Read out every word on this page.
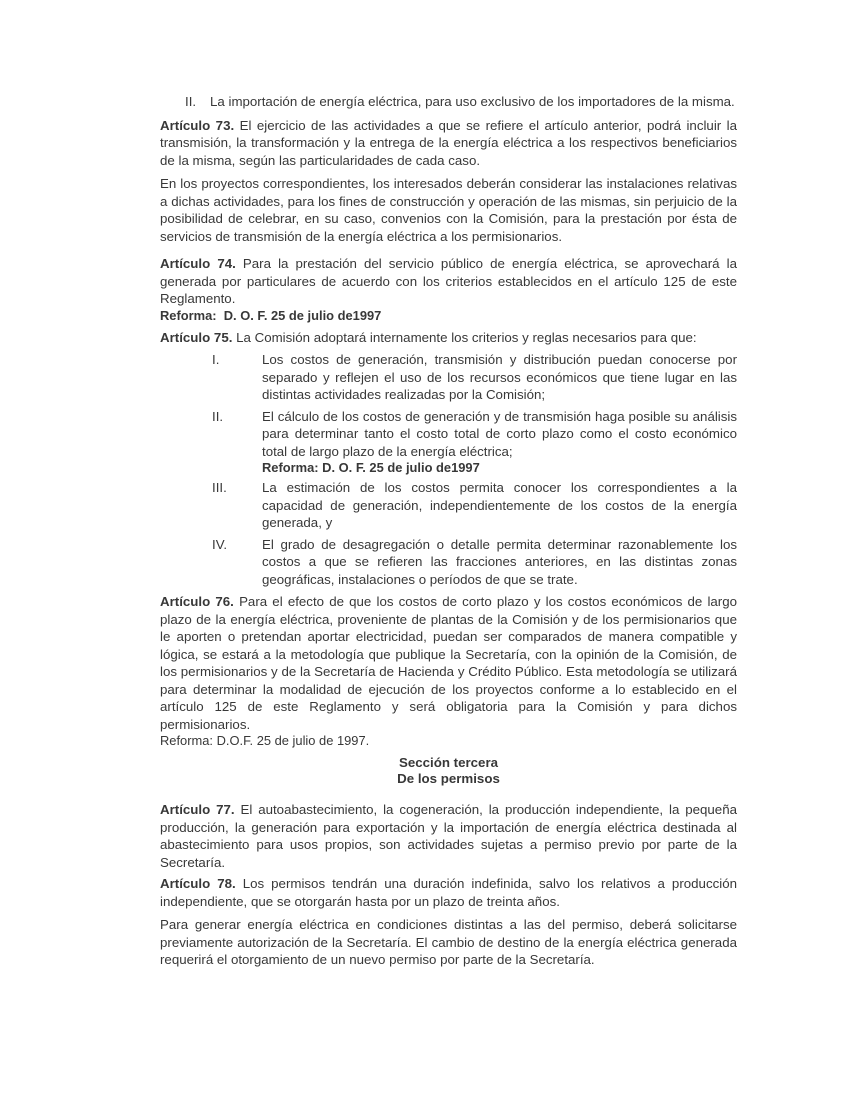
II.	La importación de energía eléctrica, para uso exclusivo de los importadores de la misma.

Artículo 73. El ejercicio de las actividades a que se refiere el artículo anterior, podrá incluir la transmisión, la transformación y la entrega de la energía eléctrica a los respectivos beneficiarios de la misma, según las particularidades de cada caso.

En los proyectos correspondientes, los interesados deberán considerar las instalaciones relativas a dichas actividades, para los fines de construcción y operación de las mismas, sin perjuicio de la posibilidad de celebrar, en su caso, convenios con la Comisión, para la prestación por ésta de servicios de transmisión de la energía eléctrica a los permisionarios.

Artículo 74. Para la prestación del servicio público de energía eléctrica, se aprovechará la generada por particulares de acuerdo con los criterios establecidos en el artículo 125 de este Reglamento.

Reforma:  D. O. F. 25 de julio de1997

Artículo 75. La Comisión adoptará internamente los criterios y reglas necesarios para que:

I.	Los costos de generación, transmisión y distribución puedan conocerse por separado y reflejen el uso de los recursos económicos que tiene lugar en las distintas actividades realizadas por la Comisión;
II.	El cálculo de los costos de generación y de transmisión haga posible su análisis para determinar tanto el costo total de corto plazo como el costo económico total de largo plazo de la energía eléctrica;
Reforma: D. O. F. 25 de julio de1997
III.	La estimación de los costos permita conocer los correspondientes a la capacidad de generación, independientemente de los costos de la energía generada, y
IV.	El grado de desagregación o detalle permita determinar razonablemente los costos a que se refieren las fracciones anteriores, en las distintas zonas geográficas, instalaciones o períodos de que se trate.

Artículo 76. Para el efecto de que los costos de corto plazo y los costos económicos de largo plazo de la energía eléctrica, proveniente de plantas de la Comisión y de los permisionarios que le aporten o pretendan aportar electricidad, puedan ser comparados de manera compatible y lógica, se estará a la metodología que publique la Secretaría, con la opinión de la Comisión, de los permisionarios y de la Secretaría de Hacienda y Crédito Público. Esta metodología se utilizará para determinar la modalidad de ejecución de los proyectos conforme a lo establecido en el artículo 125 de este Reglamento y será obligatoria para la Comisión y para dichos permisionarios.

Reforma: D.O.F. 25 de julio de 1997.
Sección tercera
De los permisos

Artículo 77. El autoabastecimiento, la cogeneración, la producción independiente, la pequeña producción, la generación para exportación y la importación de energía eléctrica destinada al abastecimiento para usos propios, son actividades sujetas a permiso previo por parte de la Secretaría.

Artículo 78. Los permisos tendrán una duración indefinida, salvo los relativos a producción independiente, que se otorgarán hasta por un plazo de treinta años.

Para generar energía eléctrica en condiciones distintas a las del permiso, deberá solicitarse previamente autorización de la Secretaría. El cambio de destino de la energía eléctrica generada requerirá el otorgamiento de un nuevo permiso por parte de la Secretaría.
